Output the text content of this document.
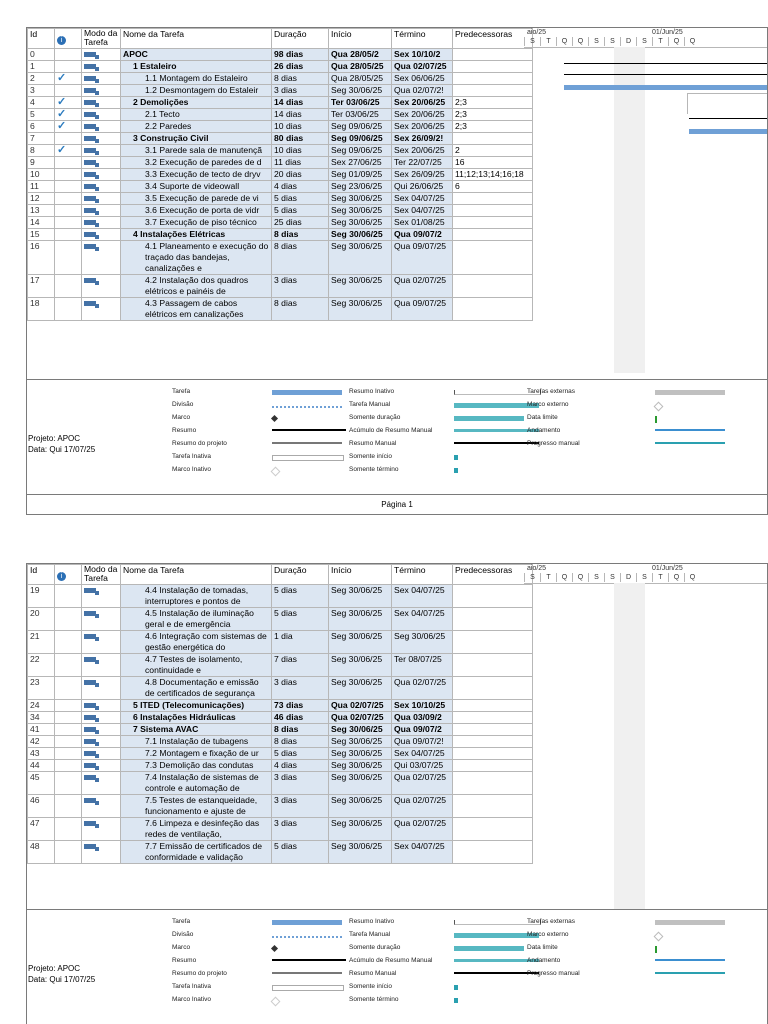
Id	i	Modo da Tarefa	Nome da Tarefa	Duração	Início	Término	Predecessoras
0			APOC	98 dias	Qua 28/05/2	Sex 10/10/2	

1			1 Estaleiro	26 dias	Qua 28/05/25	Qua 02/07/25	

2	✓		1.1 Montagem do Estaleiro	8 dias	Qua 28/05/25	Sex 06/06/25	

3			1.2 Desmontagem do Estaleir	3 dias	Seg 30/06/25	Qua 02/07/2!	

4	✓		2 Demolições	14 dias	Ter 03/06/25	Sex 20/06/25	2;3
5	✓		2.1 Tecto	14 dias	Ter 03/06/25	Sex 20/06/25	2;3
6	✓		2.2 Paredes	10 dias	Seg 09/06/25	Sex 20/06/25	2;3
7			3 Construção Civil	80 dias	Seg 09/06/25	Sex 26/09/2!	

8	✓		3.1 Parede sala de manutençã	10 dias	Seg 09/06/25	Sex 20/06/25	2
9			3.2 Execução de paredes de d	11 dias	Sex 27/06/25	Ter 22/07/25	16
10			3.3 Execução de tecto de dryv	20 dias	Seg 01/09/25	Sex 26/09/25	11;12;13;14;16;18
11			3.4 Suporte de videowall	4 dias	Seg 23/06/25	Qui 26/06/25	6
12			3.5 Execução de parede de vi	5 dias	Seg 30/06/25	Sex 04/07/25	

13			3.6 Execução de porta de vidr	5 dias	Seg 30/06/25	Sex 04/07/25	

14			3.7 Execução de piso técnico	25 dias	Seg 30/06/25	Sex 01/08/25	

15			4 Instalações Elétricas	8 dias	Seg 30/06/25	Qua 09/07/2	

16			4.1 Planeamento e execução do traçado das bandejas, canalizações e	8 dias	Seg 30/06/25	Qua 09/07/25	

17			4.2 Instalação dos quadros elétricos e painéis de	3 dias	Seg 30/06/25	Qua 02/07/25	

18			4.3 Passagem de cabos elétricos em canalizações	8 dias	Seg 30/06/25	Qua 09/07/25	

aio/25	01/Jun/25
S	T	Q	Q	S	S	D	S	T	Q	Q
Projeto: APOC
Data: Qui 17/07/25
Tarefa
Divisão
Marco
Resumo
Resumo do projeto
Tarefa Inativa
Marco Inativo
Resumo Inativo
Tarefa Manual
Somente duração
Acúmulo de Resumo Manual
Resumo Manual
Somente início
Somente término
Tarefas externas
Marco externo
Data limite
Andamento
Progresso manual
Página 1
Id	i	Modo da Tarefa	Nome da Tarefa	Duração	Início	Término	Predecessoras
19			4.4 Instalação de tomadas, interruptores e pontos de	5 dias	Seg 30/06/25	Sex 04/07/25	

20			4.5 Instalação de iluminação geral e de emergência	5 dias	Seg 30/06/25	Sex 04/07/25	

21			4.6 Integração com sistemas de gestão energética do	1 dia	Seg 30/06/25	Seg 30/06/25	

22			4.7 Testes de isolamento, continuidade e	7 dias	Seg 30/06/25	Ter 08/07/25	

23			4.8 Documentação e emissão de certificados de segurança	3 dias	Seg 30/06/25	Qua 02/07/25	

24			5 ITED (Telecomunicações)	73 dias	Qua 02/07/25	Sex 10/10/25	

34			6 Instalações Hidráulicas	46 dias	Qua 02/07/25	Qua 03/09/2	

41			7 Sistema AVAC	8 dias	Seg 30/06/25	Qua 09/07/2	

42			7.1 Instalação de tubagens	8 dias	Seg 30/06/25	Qua 09/07/2!	

43			7.2 Montagem e fixação de ur	5 dias	Seg 30/06/25	Sex 04/07/25	

44			7.3 Demolição das condutas	4 dias	Seg 30/06/25	Qui 03/07/25	

45			7.4 Instalação de sistemas de controle e automação de	3 dias	Seg 30/06/25	Qua 02/07/25	

46			7.5 Testes de estanqueidade, funcionamento e ajuste de	3 dias	Seg 30/06/25	Qua 02/07/25	

47			7.6 Limpeza e desinfeção das redes de ventilação,	3 dias	Seg 30/06/25	Qua 02/07/25	

48			7.7 Emissão de certificados de conformidade e validação	5 dias	Seg 30/06/25	Sex 04/07/25	

aio/25	01/Jun/25
S	T	Q	Q	S	S	D	S	T	Q	Q
Projeto: APOC
Data: Qui 17/07/25
Tarefa
Divisão
Marco
Resumo
Resumo do projeto
Tarefa Inativa
Marco Inativo
Resumo Inativo
Tarefa Manual
Somente duração
Acúmulo de Resumo Manual
Resumo Manual
Somente início
Somente término
Tarefas externas
Marco externo
Data limite
Andamento
Progresso manual
